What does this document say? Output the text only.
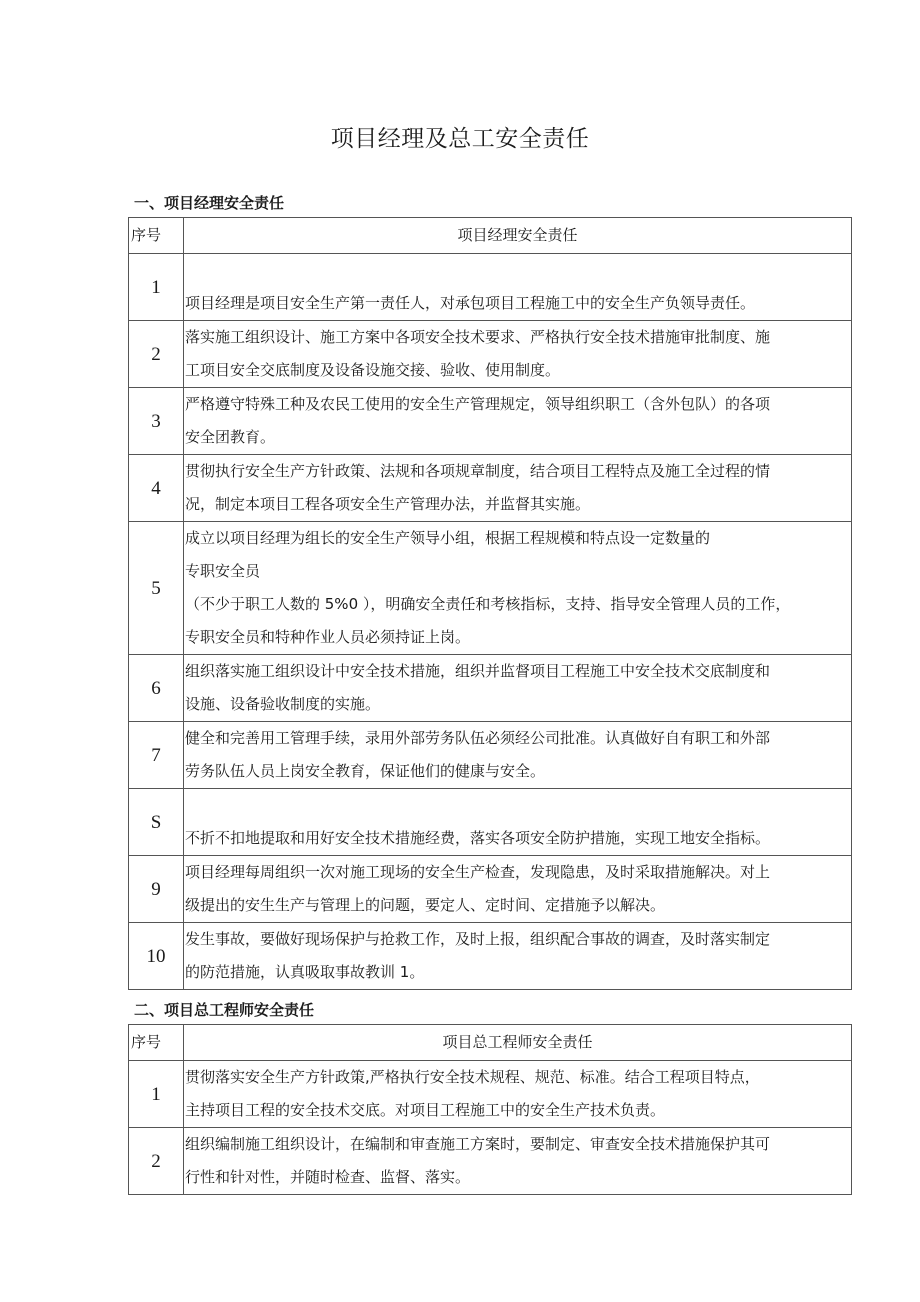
项目经理及总工安全责任
一、项目经理安全责任
序号	项目经理安全责任
1	项目经理是项目安全生产第一责任人，对承包项目工程施工中的安全生产负领导责任。

2	落实施工组织设计、施工方案中各项安全技术要求、严格执行安全技术措施审批制度、施
工项目安全交底制度及设备设施交接、验收、使用制度。

3	严格遵守特殊工种及农民工使用的安全生产管理规定，领导组织职工（含外包队）的各项
安全团教育。

4	贯彻执行安全生产方针政策、法规和各项规章制度，结合项目工程特点及施工全过程的情
况，制定本项目工程各项安全生产管理办法，并监督其实施。

5	成立以项目经理为组长的安全生产领导小组，根据工程规模和特点设一定数量的
专职安全员
（不少于职工人数的 5%0 ），明确安全责任和考核指标，支持、指导安全管理人员的工作，
专职安全员和特种作业人员必须持证上岗。

6	组织落实施工组织设计中安全技术措施，组织并监督项目工程施工中安全技术交底制度和
设施、设备验收制度的实施。

7	健全和完善用工管理手续，录用外部劳务队伍必须经公司批准。认真做好自有职工和外部
劳务队伍人员上岗安全教育，保证他们的健康与安全。

S	不折不扣地提取和用好安全技术措施经费，落实各项安全防护措施，实现工地安全指标。

9	项目经理每周组织一次对施工现场的安全生产检查，发现隐患，及时采取措施解决。对上
级提出的安生生产与管理上的问题，要定人、定时间、定措施予以解决。

10	发生事故，要做好现场保护与抢救工作，及时上报，组织配合事故的调查，及时落实制定
的防范措施，认真吸取事故教训 1。
二、项目总工程师安全责任
序号	项目总工程师安全责任
1	贯彻落实安全生产方针政策,严格执行安全技术规程、规范、标准。结合工程项目特点，
主持项目工程的安全技术交底。对项目工程施工中的安全生产技术负责。

2	组织编制施工组织设计，在编制和审查施工方案时，要制定、审查安全技术措施保护其可
行性和针对性，并随时检查、监督、落实。
